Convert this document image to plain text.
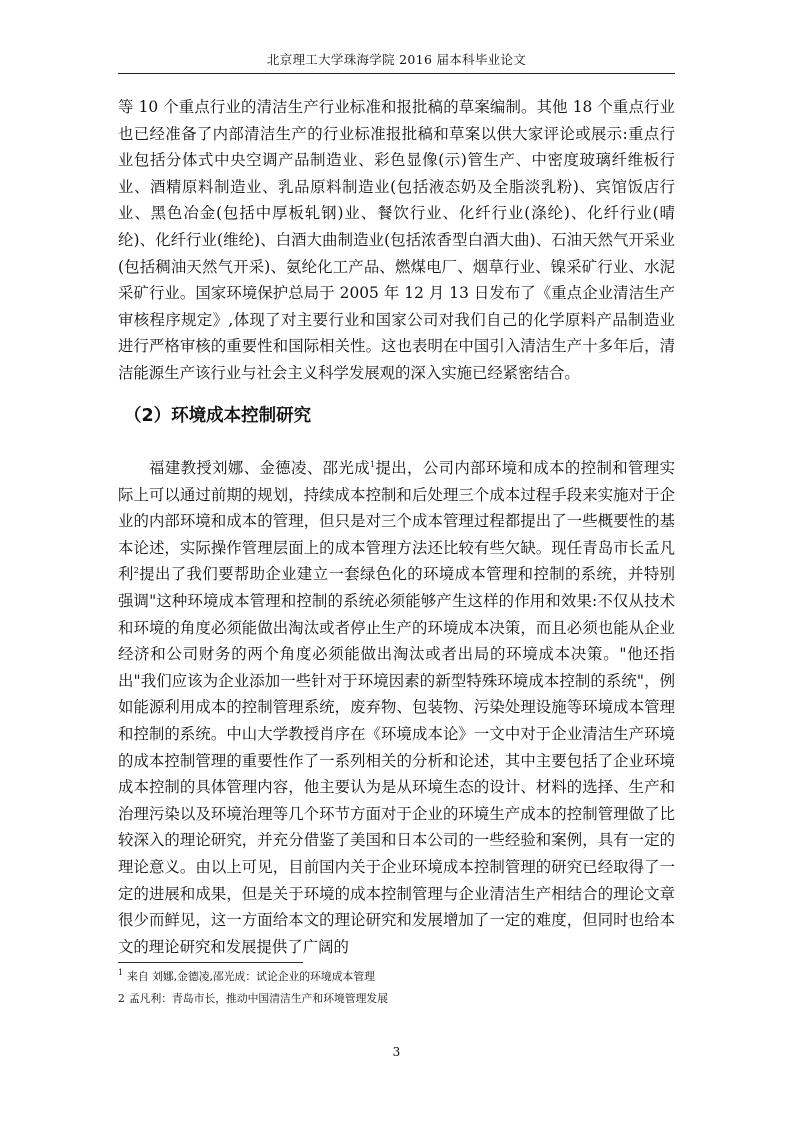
北京理工大学珠海学院 2016 届本科毕业论文

等 10 个重点行业的清洁生产行业标准和报批稿的草案编制。其他 18 个重点行业也已经准备了内部清洁生产的行业标准报批稿和草案以供大家评论或展示:重点行业包括分体式中央空调产品制造业、彩色显像(示)管生产、中密度玻璃纤维板行业、酒精原料制造业、乳品原料制造业(包括液态奶及全脂淡乳粉)、宾馆饭店行业、黑色冶金(包括中厚板轧钢)业、餐饮行业、化纤行业(涤纶)、化纤行业(晴纶)、化纤行业(维纶)、白酒大曲制造业(包括浓香型白酒大曲)、石油天然气开采业(包括稠油天然气开采)、氨纶化工产品、燃煤电厂、烟草行业、镍采矿行业、水泥采矿行业。国家环境保护总局于 2005 年 12 月 13 日发布了《重点企业清洁生产审核程序规定》,体现了对主要行业和国家公司对我们自己的化学原料产品制造业进行严格审核的重要性和国际相关性。这也表明在中国引入清洁生产十多年后，清洁能源生产该行业与社会主义科学发展观的深入实施已经紧密结合。

（2）环境成本控制研究

福建教授刘娜、金德凌、邵光成$^1$提出，公司内部环境和成本的控制和管理实际上可以通过前期的规划，持续成本控制和后处理三个成本过程手段来实施对于企业的内部环境和成本的管理，但只是对三个成本管理过程都提出了一些概要性的基本论述，实际操作管理层面上的成本管理方法还比较有些欠缺。现任青岛市长孟凡利$^2$提出了我们要帮助企业建立一套绿色化的环境成本管理和控制的系统，并特别强调"这种环境成本管理和控制的系统必须能够产生这样的作用和效果:不仅从技术和环境的角度必须能做出淘汰或者停止生产的环境成本决策，而且必须也能从企业经济和公司财务的两个角度必须能做出淘汰或者出局的环境成本决策。"他还指出"我们应该为企业添加一些针对于环境因素的新型特殊环境成本控制的系统"，例如能源利用成本的控制管理系统，废弃物、包装物、污染处理设施等环境成本管理和控制的系统。中山大学教授肖序在《环境成本论》一文中对于企业清洁生产环境的成本控制管理的重要性作了一系列相关的分析和论述，其中主要包括了企业环境成本控制的具体管理内容，他主要认为是从环境生态的设计、材料的选择、生产和治理污染以及环境治理等几个环节方面对于企业的环境生产成本的控制管理做了比较深入的理论研究，并充分借鉴了美国和日本公司的一些经验和案例，具有一定的理论意义。由以上可见，目前国内关于企业环境成本控制管理的研究已经取得了一定的进展和成果，但是关于环境的成本控制管理与企业清洁生产相结合的理论文章很少而鲜见，这一方面给本文的理论研究和发展增加了一定的难度，但同时也给本文的理论研究和发展提供了广阔的

$^1$ 来自 刘娜,金德凌,邵光成：试论企业的环境成本管理
2 孟凡利：青岛市长，推动中国清洁生产和环境管理发展
3
